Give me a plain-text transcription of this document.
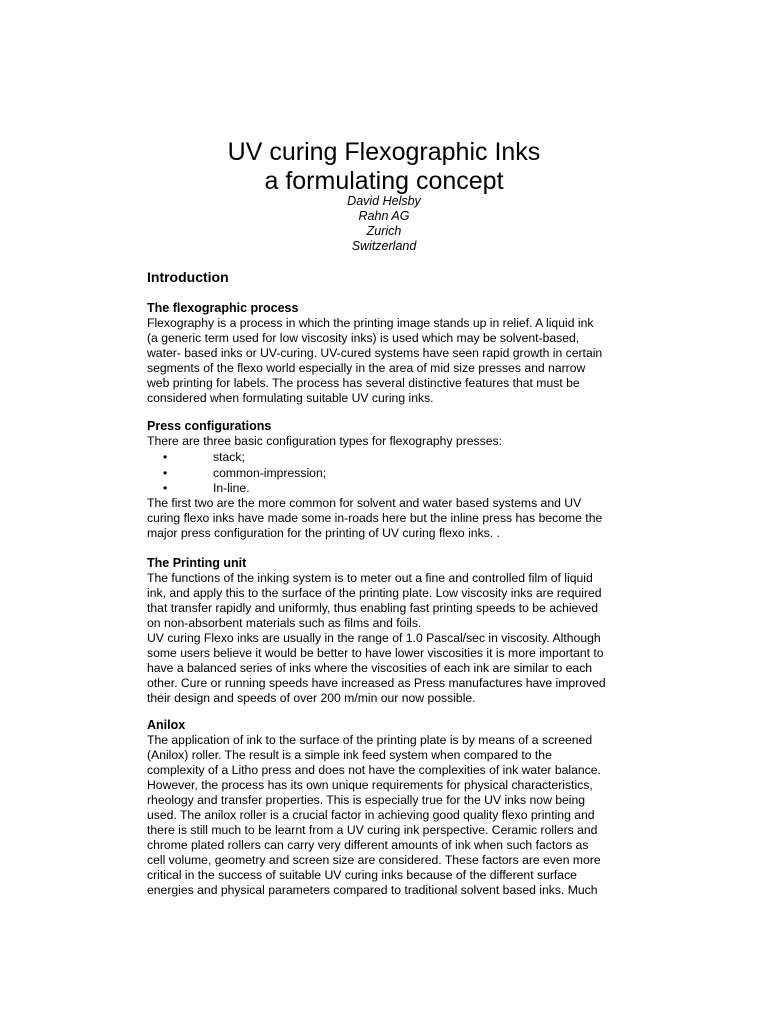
UV curing Flexographic Inks
a formulating concept
David Helsby
Rahn AG
Zurich
Switzerland
Introduction
The flexographic process
Flexography is a process in which the printing image stands up in relief. A liquid ink
(a generic term used for low viscosity inks) is used which may be solvent-based,
water- based inks or UV-curing. UV-cured systems have seen rapid growth in certain
segments of the flexo world especially in the area of mid size presses and narrow
web printing for labels. The process has several distinctive features that must be
considered when formulating suitable UV curing inks.
Press configurations
There are three basic configuration types for flexography presses:
•	stack;
•	common-impression;
•	In-line.
The first two are the more common for solvent and water based systems and UV
curing flexo inks have made some in-roads here but the inline press has become the
major press configuration for the printing of UV curing flexo inks. .
The Printing unit
The functions of the inking system is to meter out a fine and controlled film of liquid
ink, and apply this to the surface of the printing plate. Low viscosity inks are required
that transfer rapidly and uniformly, thus enabling fast printing speeds to be achieved
on non-absorbent materials such as films and foils.
UV curing Flexo inks are usually in the range of 1.0 Pascal/sec in viscosity. Although
some users believe it would be better to have lower viscosities it is more important to
have a balanced series of inks where the viscosities of each ink are similar to each
other. Cure or running speeds have increased as Press manufactures have improved
their design and speeds of over 200 m/min our now possible.
Anilox
The application of ink to the surface of the printing plate is by means of a screened
(Anilox) roller. The result is a simple ink feed system when compared to the
complexity of a Litho press and does not have the complexities of ink water balance.
However, the process has its own unique requirements for physical characteristics,
rheology and transfer properties. This is especially true for the UV inks now being
used. The anilox roller is a crucial factor in achieving good quality flexo printing and
there is still much to be learnt from a UV curing ink perspective. Ceramic rollers and
chrome plated rollers can carry very different amounts of ink when such factors as
cell volume, geometry and screen size are considered. These factors are even more
critical in the success of suitable UV curing inks because of the different surface
energies and physical parameters compared to traditional solvent based inks. Much
